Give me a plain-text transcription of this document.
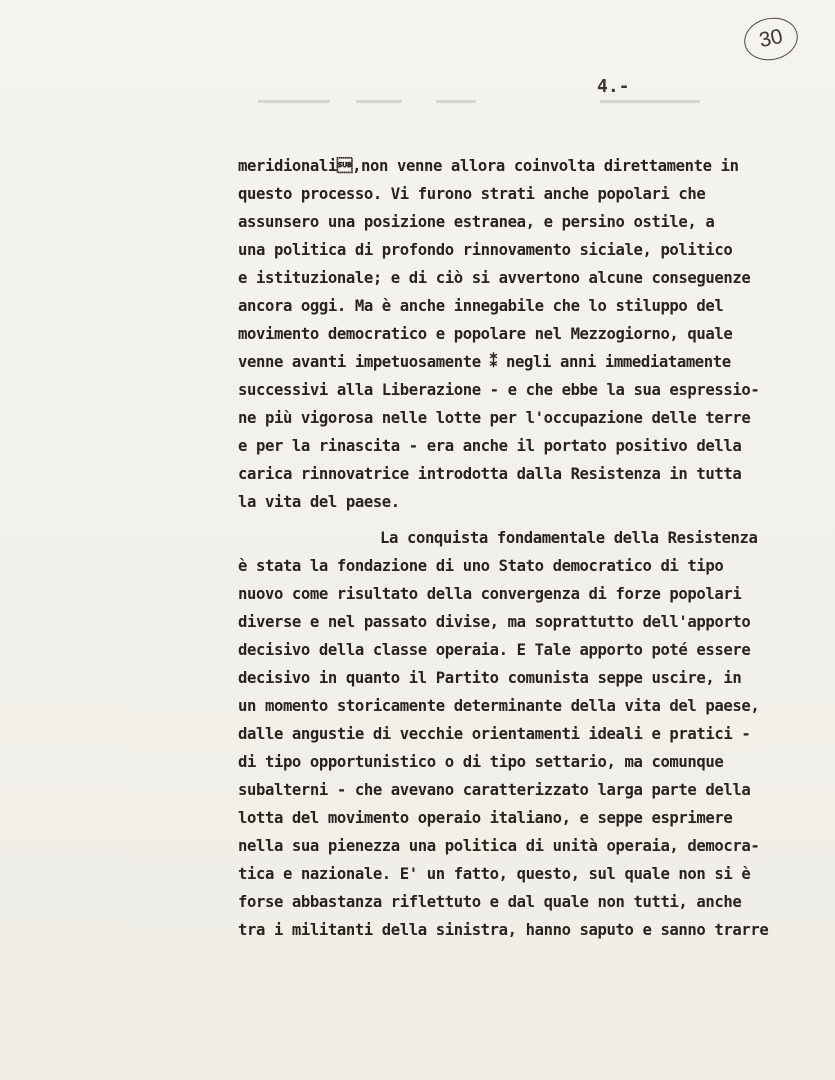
30
4.-
meridionali,non venne allora coinvolta direttamente in
questo processo. Vi furono strati anche popolari che
assunsero una posizione estranea, e persino ostile, a
una politica di profondo rinnovamento siciale, politico
e istituzionale; e di ciò si avvertono alcune conseguenze
ancora oggi. Ma è anche innegabile che lo stiluppo del
movimento democratico e popolare nel Mezzogiorno, quale
venne avanti impetuosamente ⁑ negli anni immediatamente
successivi alla Liberazione - e che ebbe la sua espressio-
ne più vigorosa nelle lotte per l'occupazione delle terre
e per la rinascita - era anche il portato positivo della
carica rinnovatrice introdotta dalla Resistenza in tutta
la vita del paese.
La conquista fondamentale della Resistenza
è stata la fondazione di uno Stato democratico di tipo
nuovo come risultato della convergenza di forze popolari
diverse e nel passato divise, ma soprattutto dell'apporto
decisivo della classe operaia. E Tale apporto poté essere
decisivo in quanto il Partito comunista seppe uscire, in
un momento storicamente determinante della vita del paese,
dalle angustie di vecchie orientamenti ideali e pratici -
di tipo opportunistico o di tipo settario, ma comunque
subalterni - che avevano caratterizzato larga parte della
lotta del movimento operaio italiano, e seppe esprimere
nella sua pienezza una politica di unità operaia, democra-
tica e nazionale. E' un fatto, questo, sul quale non si è
forse abbastanza riflettuto e dal quale non tutti, anche
tra i militanti della sinistra, hanno saputo e sanno trarre
